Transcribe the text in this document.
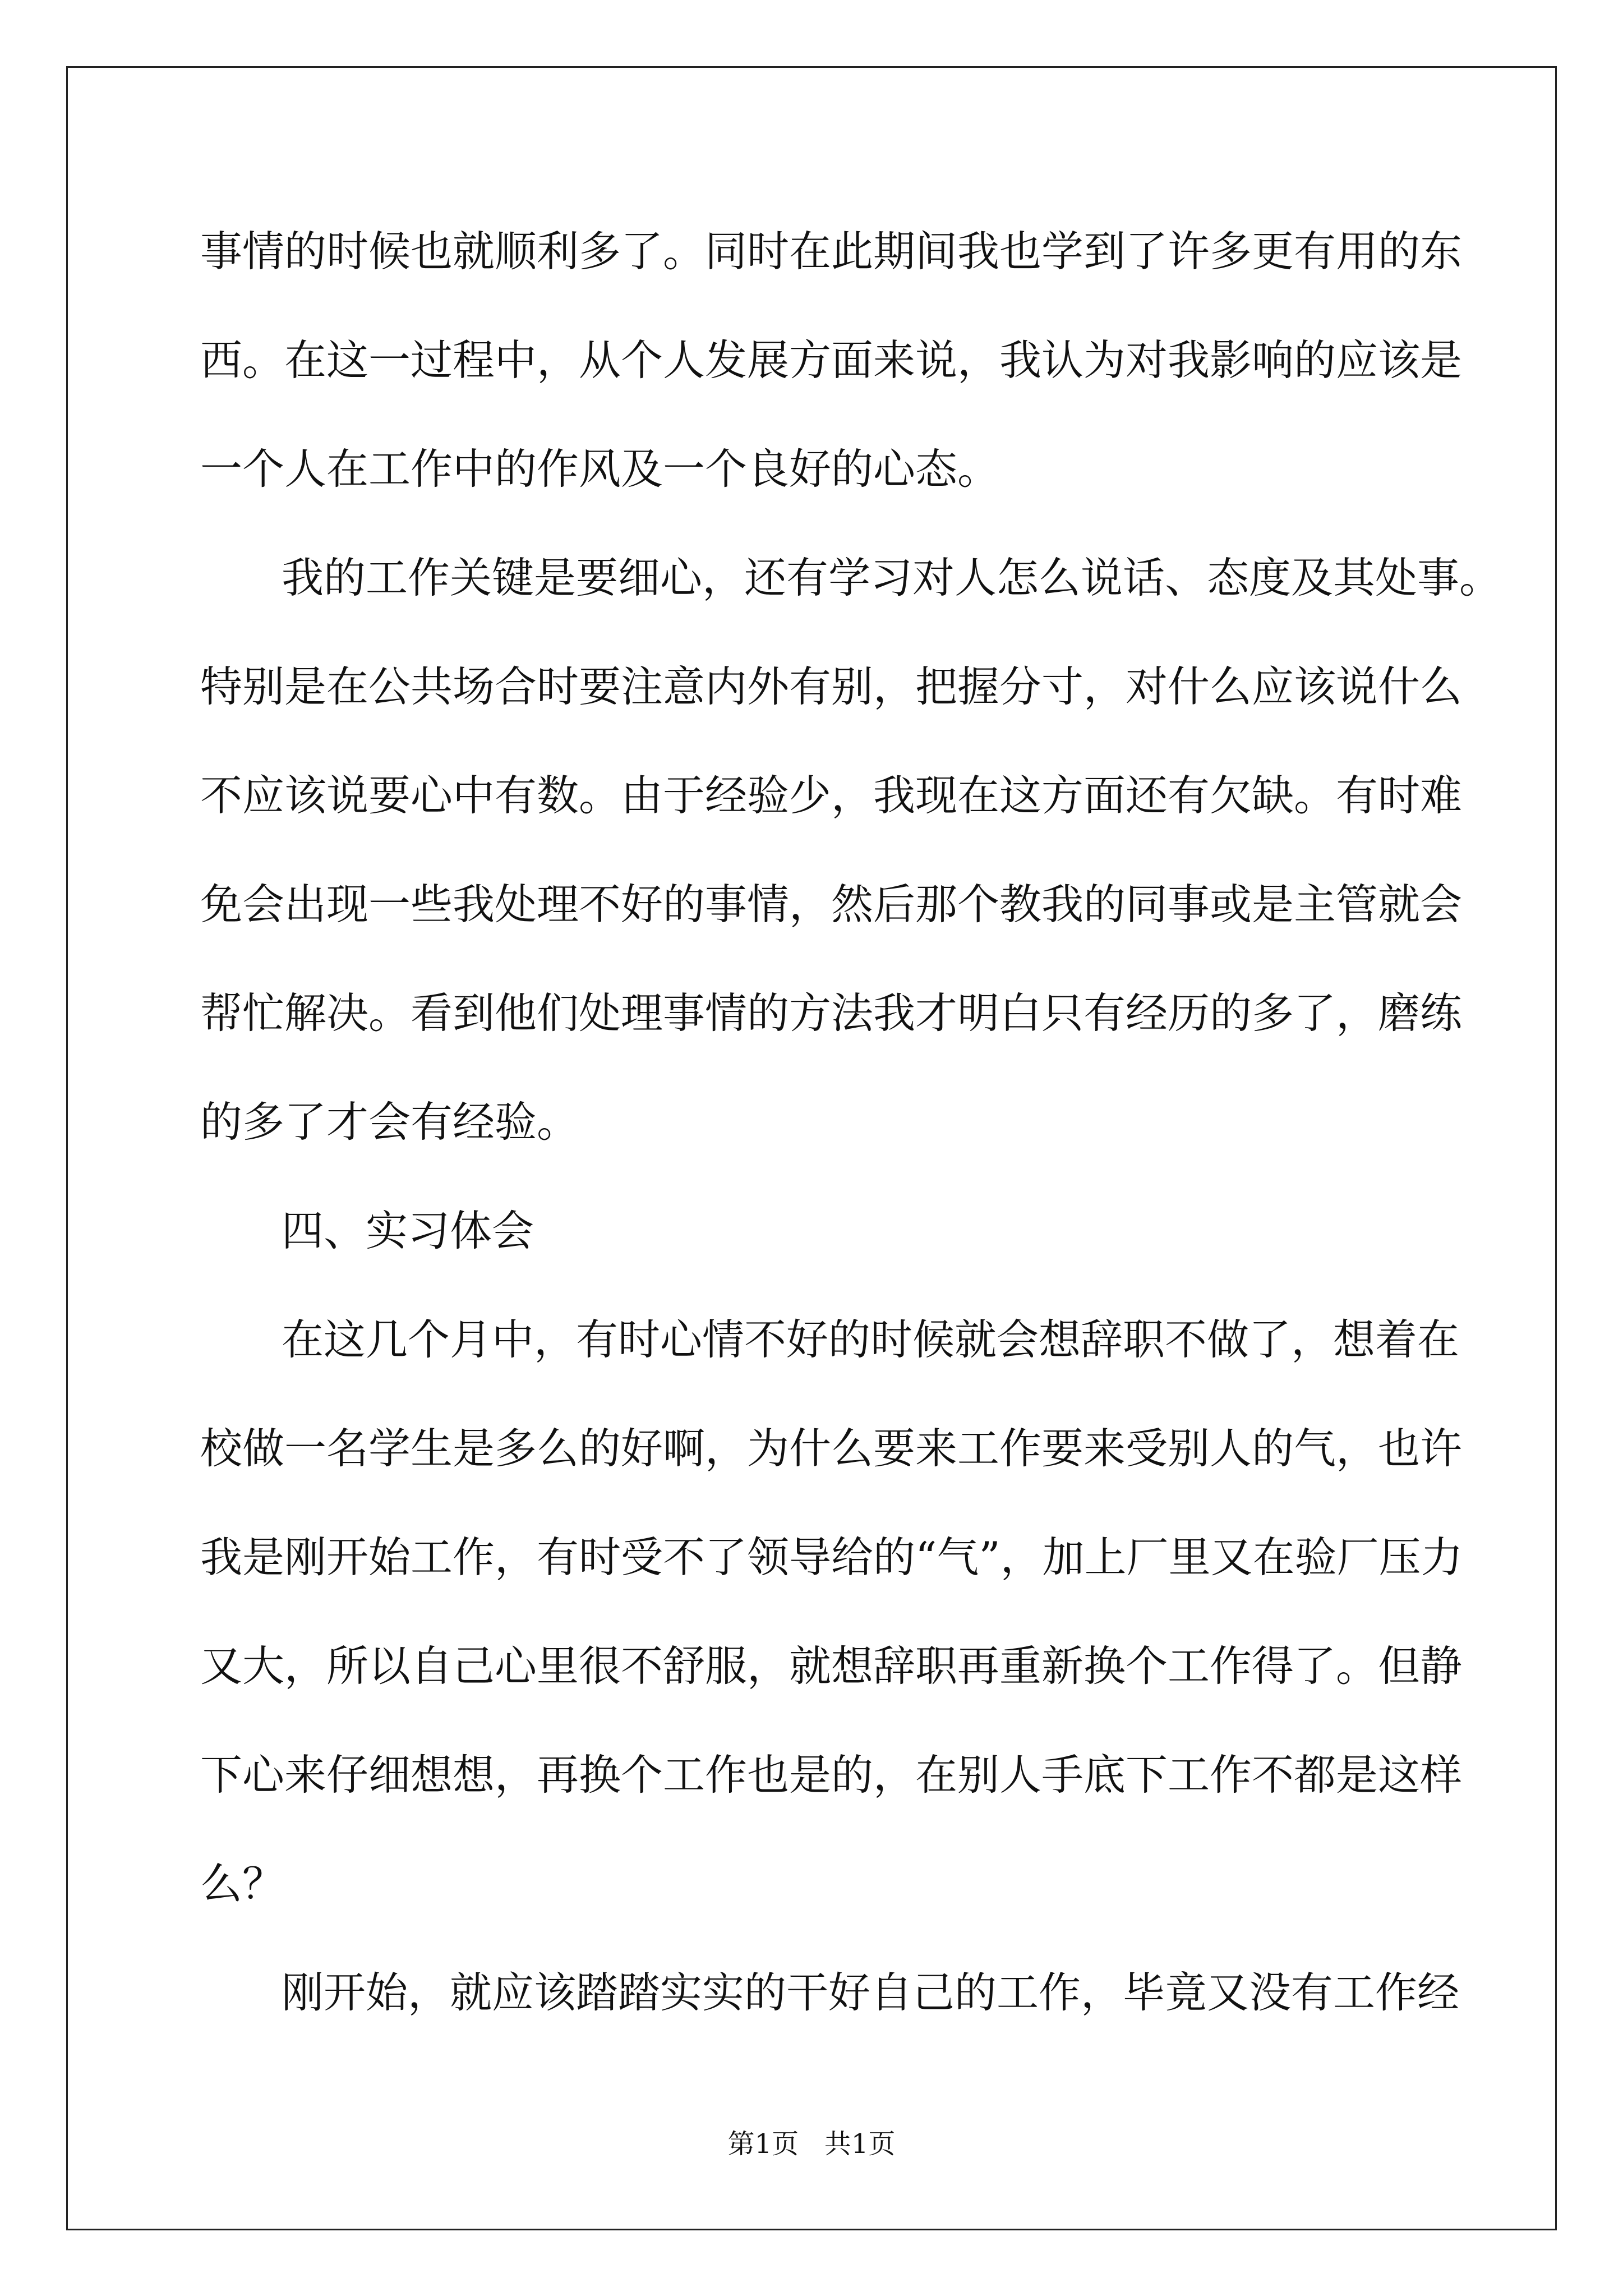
事情的时候也就顺利多了。同时在此期间我也学到了许多更有用的东
西。在这一过程中，从个人发展方面来说，我认为对我影响的应该是
一个人在工作中的作风及一个良好的心态。
我的工作关键是要细心，还有学习对人怎么说话、态度及其处事。
特别是在公共场合时要注意内外有别，把握分寸，对什么应该说什么
不应该说要心中有数。由于经验少，我现在这方面还有欠缺。有时难
免会出现一些我处理不好的事情，然后那个教我的同事或是主管就会
帮忙解决。看到他们处理事情的方法我才明白只有经历的多了，磨练
的多了才会有经验。
四、实习体会
在这几个月中，有时心情不好的时候就会想辞职不做了，想着在
校做一名学生是多么的好啊，为什么要来工作要来受别人的气，也许
我是刚开始工作，有时受不了领导给的“气”，加上厂里又在验厂压力
又大，所以自己心里很不舒服，就想辞职再重新换个工作得了。但静
下心来仔细想想，再换个工作也是的，在别人手底下工作不都是这样
么？
刚开始，就应该踏踏实实的干好自己的工作，毕竟又没有工作经
第1页   共1页
